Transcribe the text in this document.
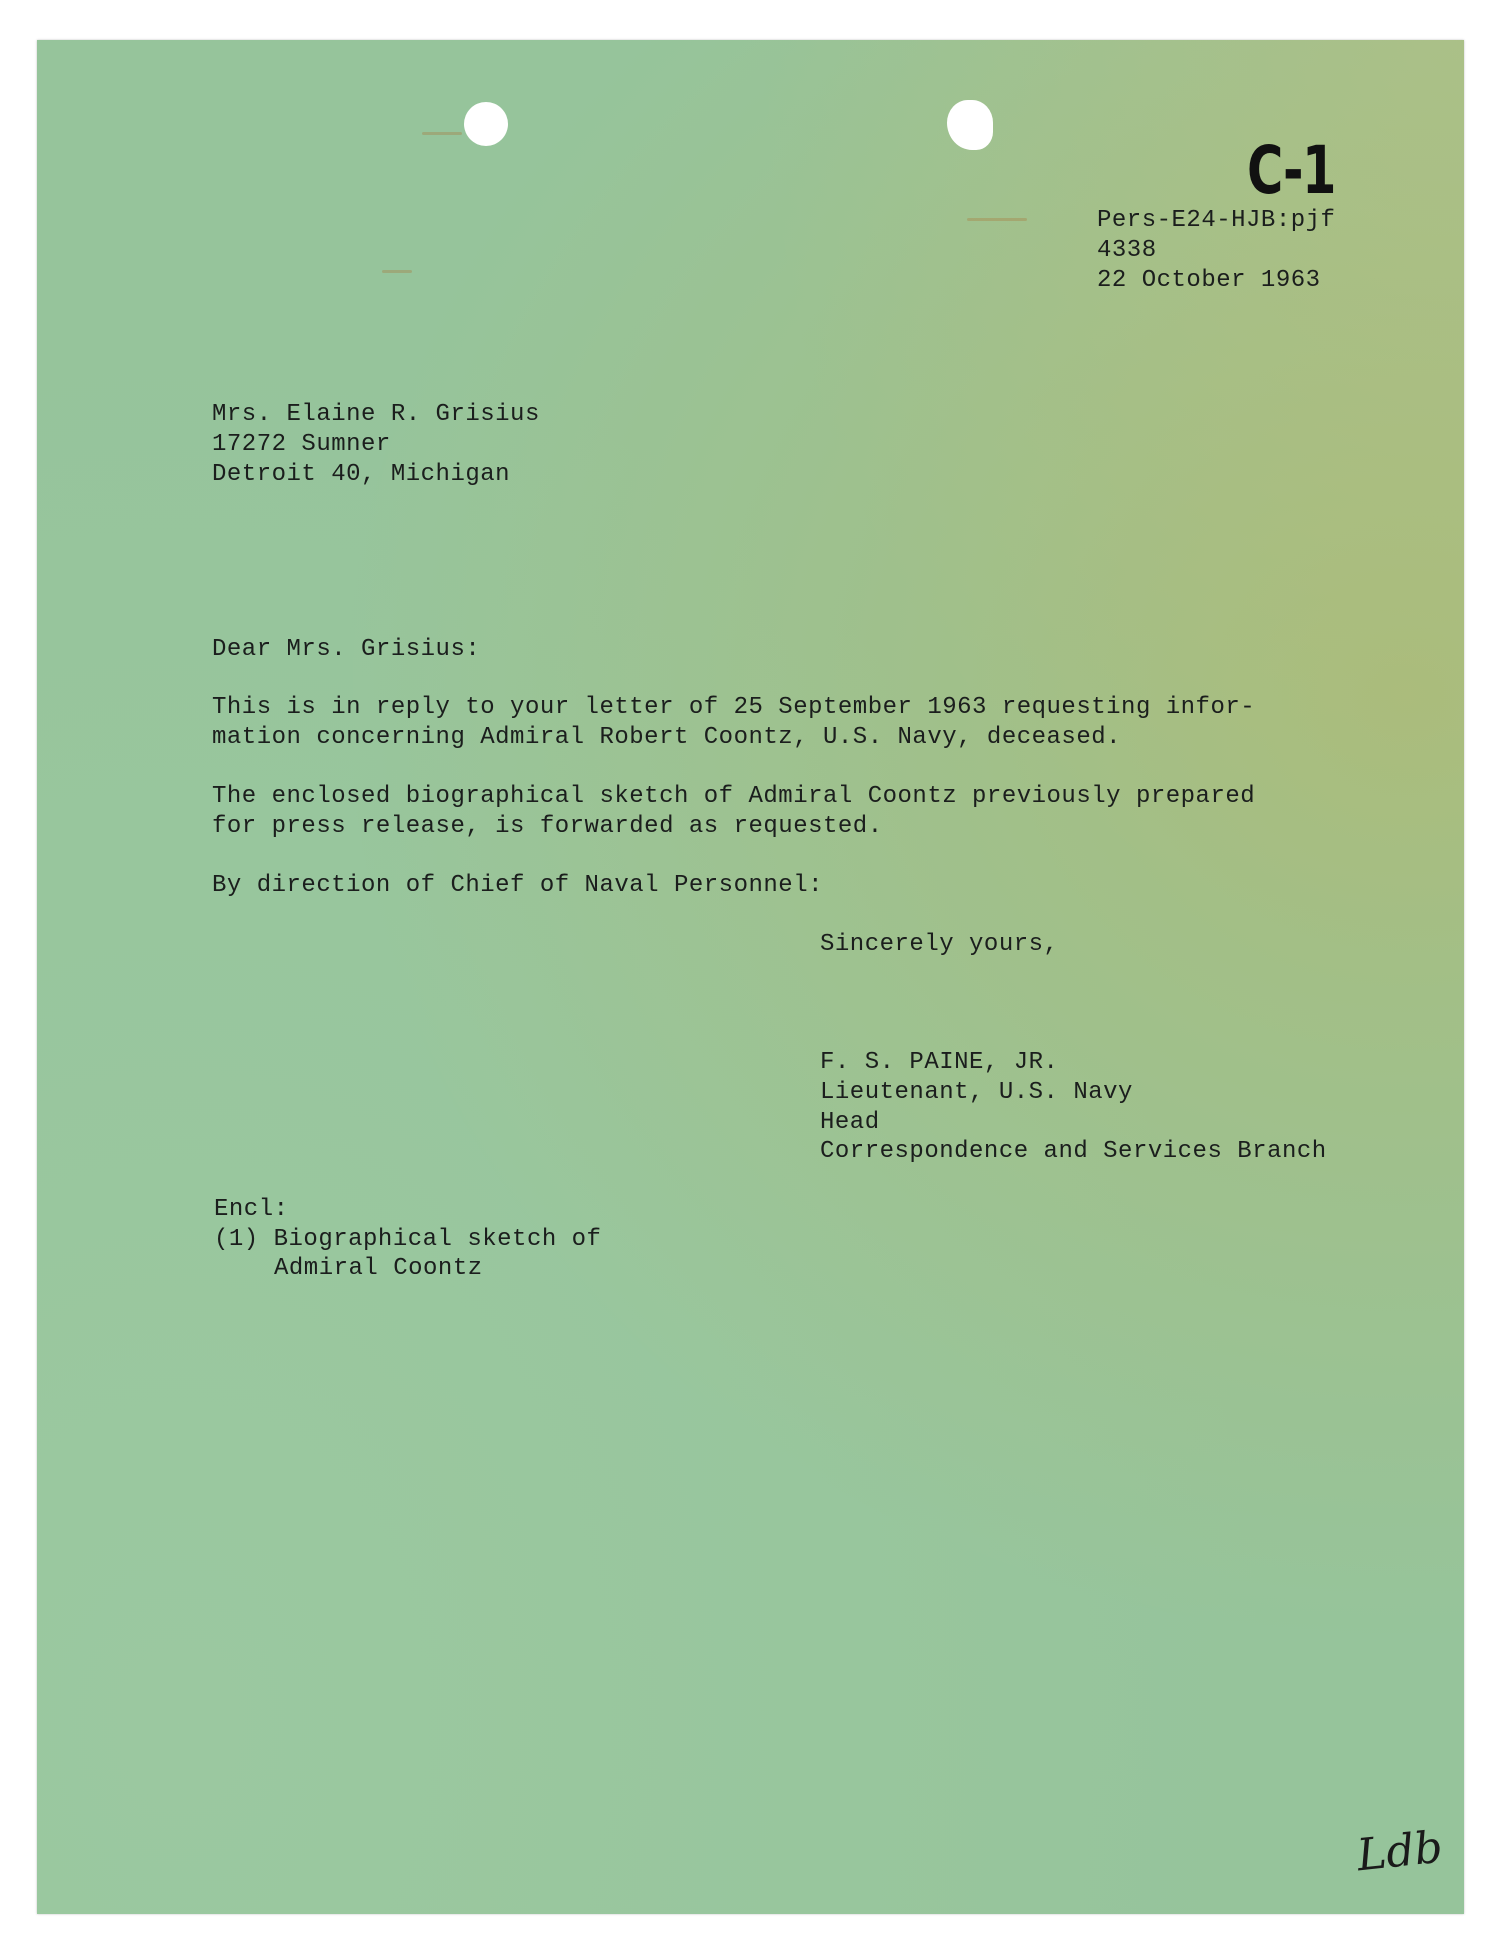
C-1

Pers-E24-HJB:pjf

4338

22 October 1963

Mrs. Elaine R. Grisius

17272 Sumner

Detroit 40, Michigan

Dear Mrs. Grisius:

This is in reply to your letter of 25 September 1963 requesting infor-

mation concerning Admiral Robert Coontz, U.S. Navy, deceased.

The enclosed biographical sketch of Admiral Coontz previously prepared

for press release, is forwarded as requested.

By direction of Chief of Naval Personnel:

Sincerely yours,

F. S. PAINE, JR.

Lieutenant, U.S. Navy

Head

Correspondence and Services Branch

Encl:

(1) Biographical sketch of

Admiral Coontz

Ldb
